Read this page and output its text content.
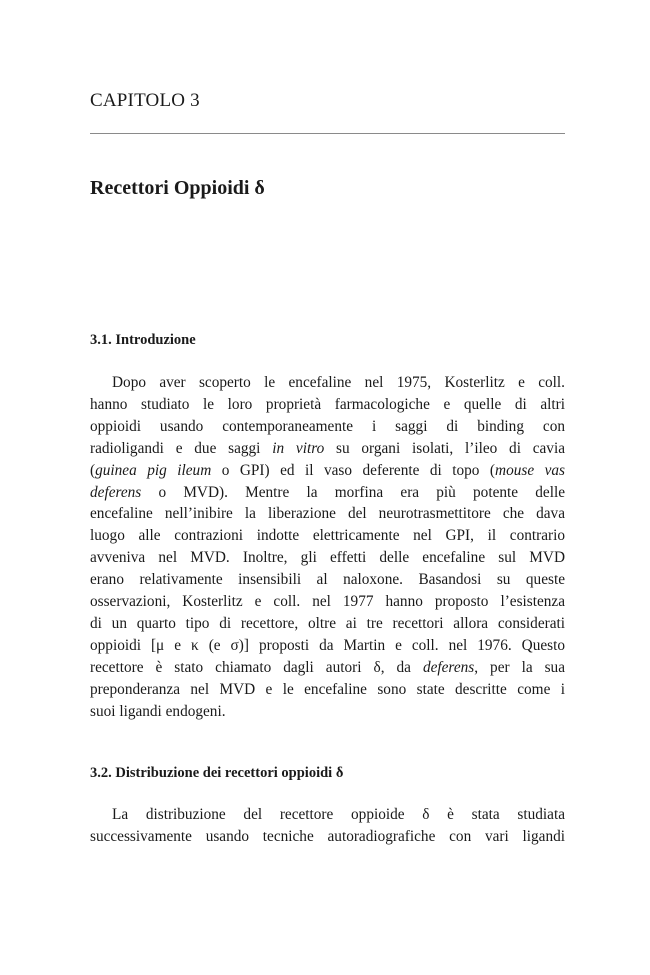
CAPITOLO 3
Recettori Oppioidi δ
3.1. Introduzione
Dopo aver scoperto le encefaline nel 1975, Kosterlitz e coll.
hanno studiato le loro proprietà farmacologiche e quelle di altri
oppioidi usando contemporaneamente i saggi di binding con
radioligandi e due saggi in vitro su organi isolati, l’ileo di cavia
(guinea pig ileum o GPI) ed il vaso deferente di topo (mouse vas
deferens o MVD). Mentre la morfina era più potente delle
encefaline nell’inibire la liberazione del neurotrasmettitore che dava
luogo alle contrazioni indotte elettricamente nel GPI, il contrario
avveniva nel MVD. Inoltre, gli effetti delle encefaline sul MVD
erano relativamente insensibili al naloxone. Basandosi su queste
osservazioni, Kosterlitz e coll. nel 1977 hanno proposto l’esistenza
di un quarto tipo di recettore, oltre ai tre recettori allora considerati
oppioidi [μ e κ (e σ)] proposti da Martin e coll. nel 1976. Questo
recettore è stato chiamato dagli autori δ, da deferens, per la sua
preponderanza nel MVD e le encefaline sono state descritte come i
suoi ligandi endogeni.
3.2. Distribuzione dei recettori oppioidi δ
La distribuzione del recettore oppioide δ è stata studiata
successivamente usando tecniche autoradiografiche con vari ligandi
